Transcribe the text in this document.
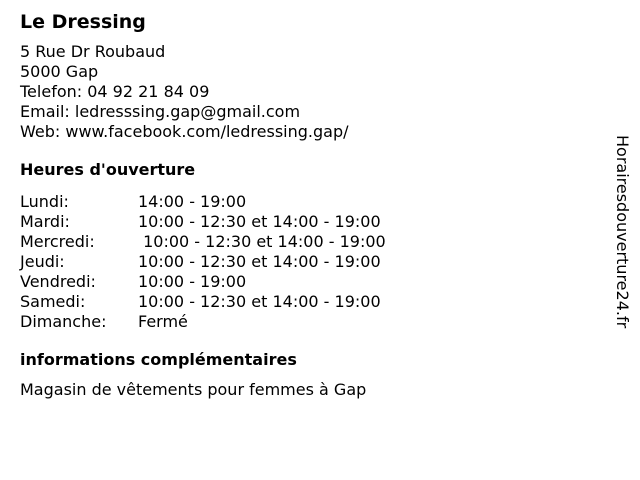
Le Dressing
5 Rue Dr Roubaud
5000 Gap
Telefon: 04 92 21 84 09
Email: ledresssing.gap@gmail.com
Web: www.facebook.com/ledressing.gap/
Heures d'ouverture
Lundi:	14:00 - 19:00
Mardi:	10:00 - 12:30 et 14:00 - 19:00
Mercredi:	10:00 - 12:30 et 14:00 - 19:00
Jeudi:	10:00 - 12:30 et 14:00 - 19:00
Vendredi:	10:00 - 19:00
Samedi:	10:00 - 12:30 et 14:00 - 19:00
Dimanche:	Fermé
informations complémentaires
Magasin de vêtements pour femmes à Gap
Horairesdouverture24.fr
